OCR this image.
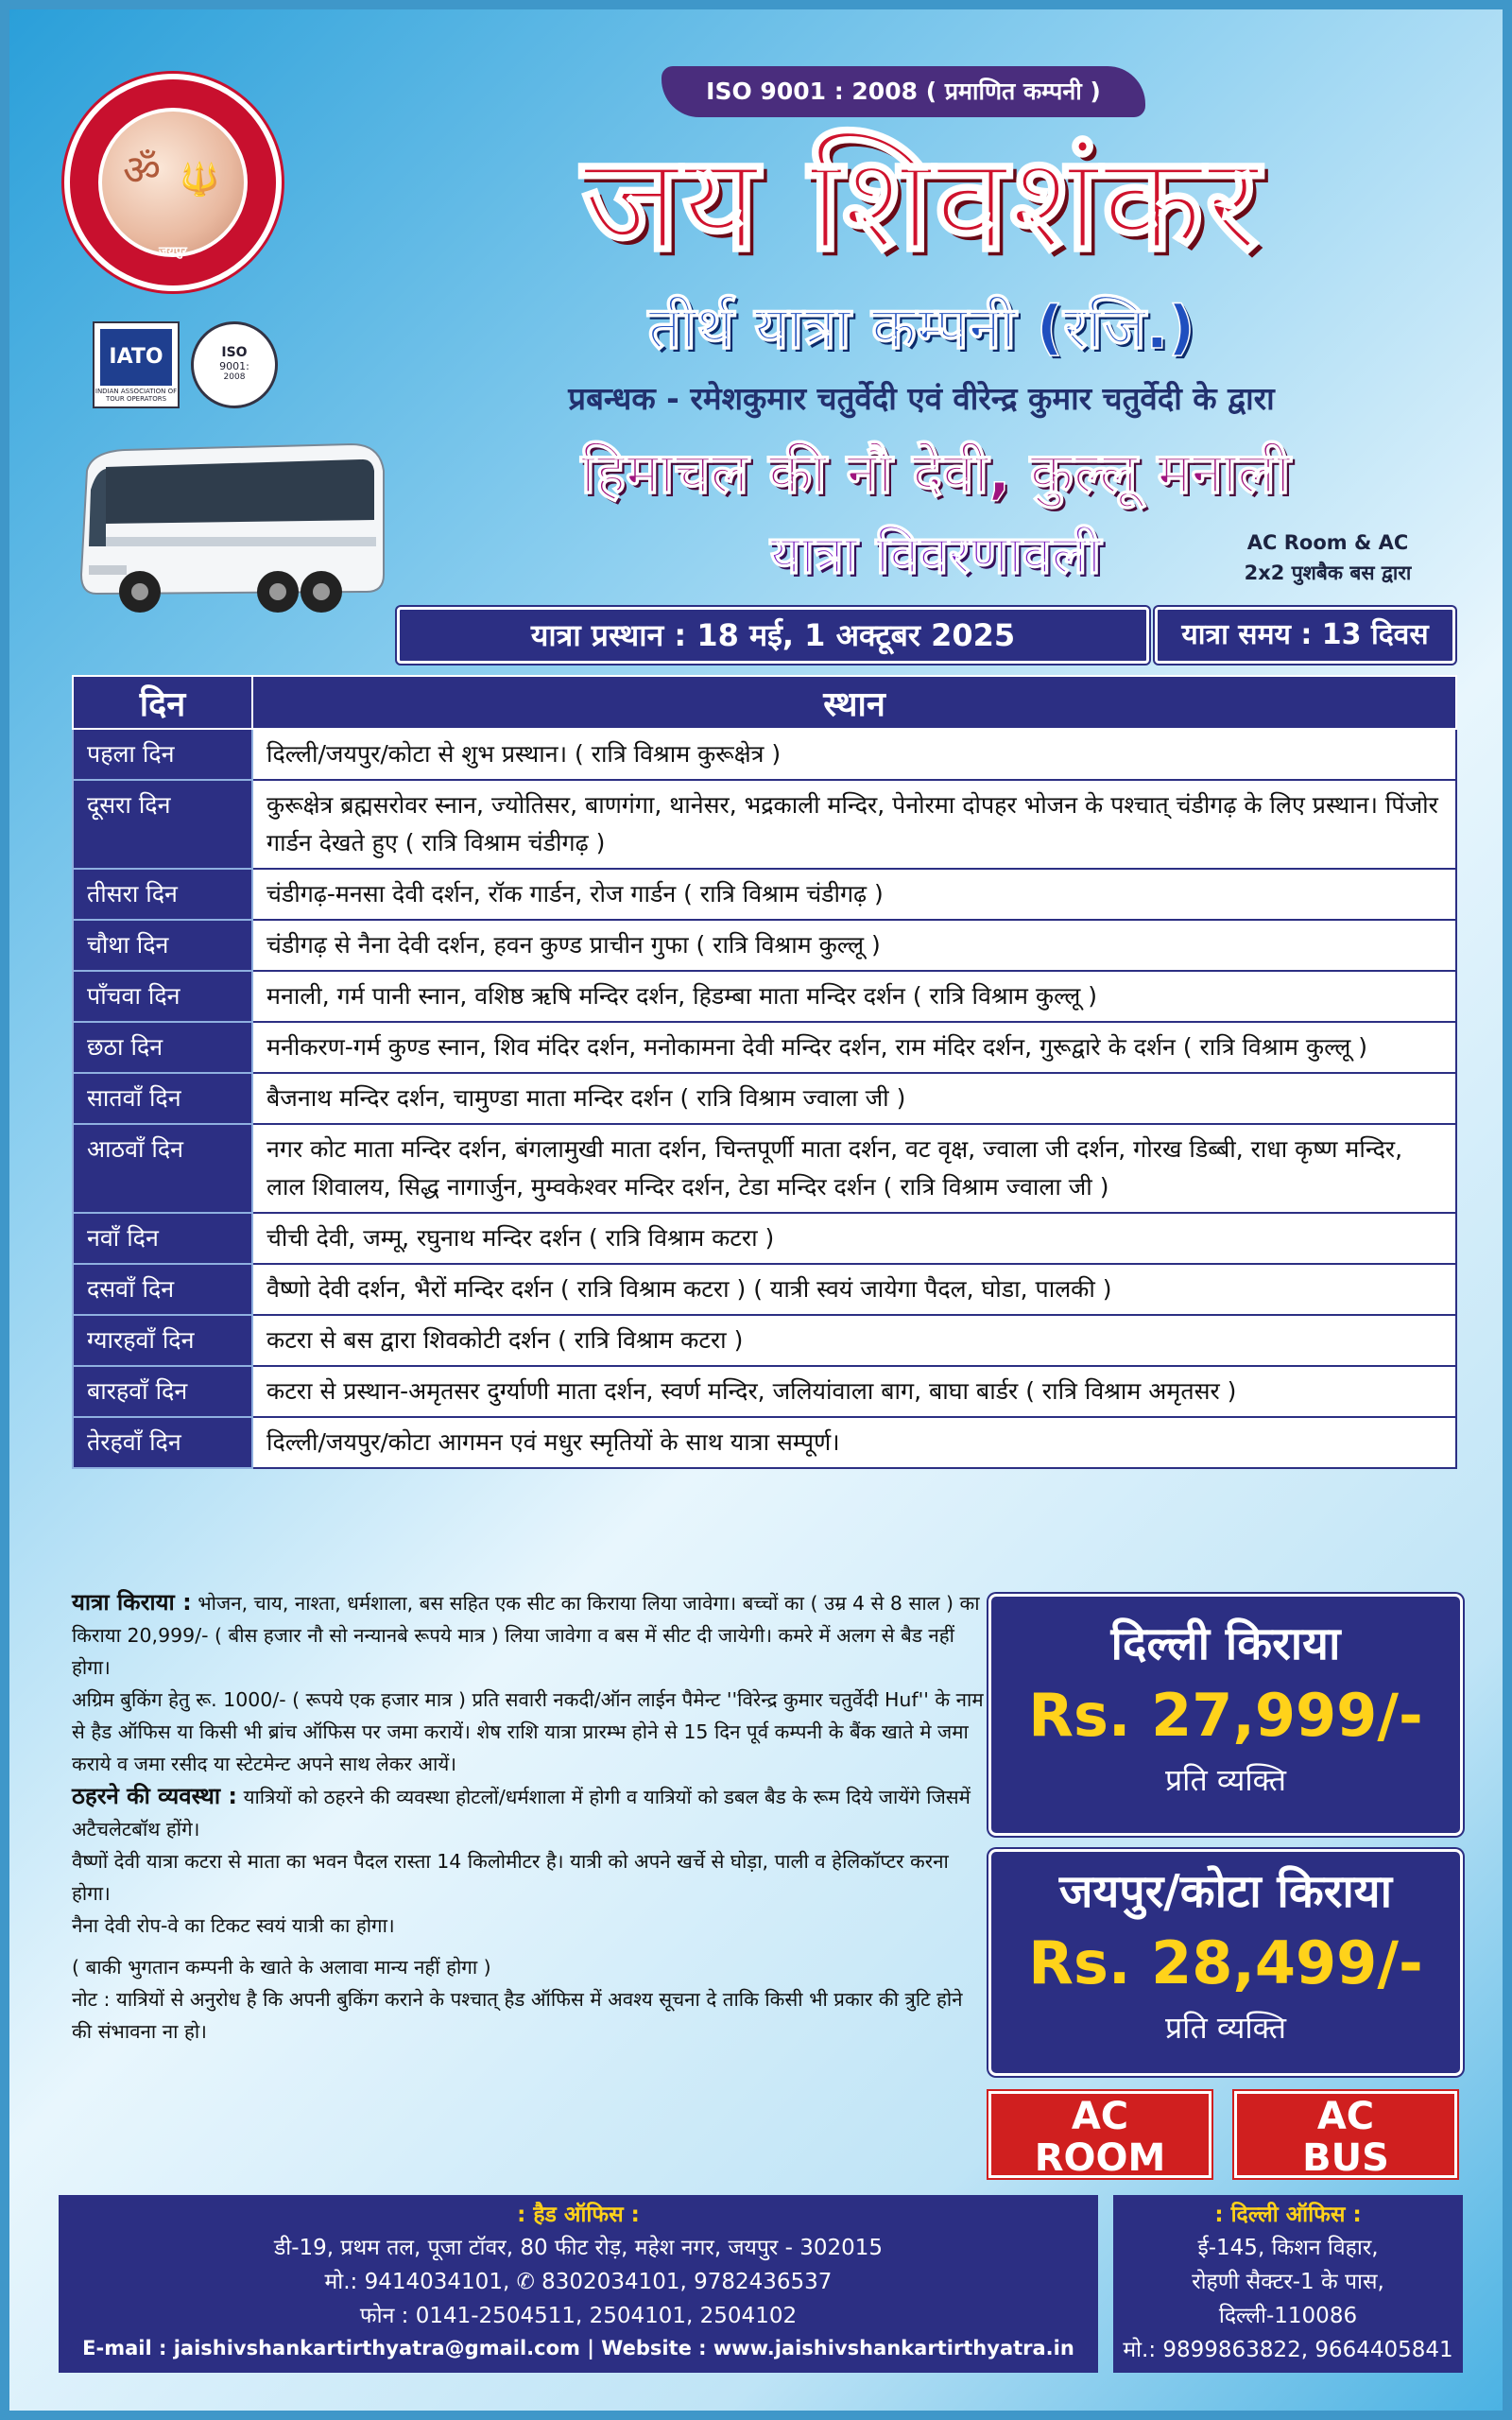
ॐ 🔱
जयपुर
IATO
INDIAN ASSOCIATION OF TOUR OPERATORS
ISO
9001:
2008
ISO 9001 : 2008 ( प्रमाणित कम्पनी )
जय शिवशंकर
तीर्थ यात्रा कम्पनी (रजि.)
प्रबन्धक - रमेशकुमार चतुर्वेदी एवं वीरेन्द्र कुमार चतुर्वेदी के द्वारा
हिमाचल की नौ देवी, कुल्लू मनाली
यात्रा विवरणावली	AC Room & AC
2x2 पुशबैक बस द्वारा
यात्रा प्रस्थान : 18 मई, 1 अक्टूबर 2025	यात्रा समय : 13 दिवस
दिन	स्थान
पहला दिन	दिल्ली/जयपुर/कोटा से शुभ प्रस्थान। ( रात्रि विश्राम कुरूक्षेत्र )
दूसरा दिन	कुरूक्षेत्र ब्रह्मसरोवर स्नान, ज्योतिसर, बाणगंगा, थानेसर, भद्रकाली मन्दिर, पेनोरमा दोपहर भोजन के पश्चात् चंडीगढ़ के लिए प्रस्थान। पिंजोर गार्डन देखते हुए ( रात्रि विश्राम चंडीगढ़ )
तीसरा दिन	चंडीगढ़-मनसा देवी दर्शन, रॉक गार्डन, रोज गार्डन ( रात्रि विश्राम चंडीगढ़ )
चौथा दिन	चंडीगढ़ से नैना देवी दर्शन, हवन कुण्ड प्राचीन गुफा ( रात्रि विश्राम कुल्लू )
पाँचवा दिन	मनाली, गर्म पानी स्नान, वशिष्ठ ऋषि मन्दिर दर्शन, हिडम्बा माता मन्दिर दर्शन ( रात्रि विश्राम कुल्लू )
छठा दिन	मनीकरण-गर्म कुण्ड स्नान, शिव मंदिर दर्शन, मनोकामना देवी मन्दिर दर्शन, राम मंदिर दर्शन, गुरूद्वारे के दर्शन ( रात्रि विश्राम कुल्लू )
सातवाँ दिन	बैजनाथ मन्दिर दर्शन, चामुण्डा माता मन्दिर दर्शन ( रात्रि विश्राम ज्वाला जी )
आठवाँ दिन	नगर कोट माता मन्दिर दर्शन, बंगलामुखी माता दर्शन, चिन्तपूर्णी माता दर्शन, वट वृक्ष, ज्वाला जी दर्शन, गोरख डिब्बी, राधा कृष्ण मन्दिर, लाल शिवालय, सिद्ध नागार्जुन, मुम्वकेश्वर मन्दिर दर्शन, टेडा मन्दिर दर्शन ( रात्रि विश्राम ज्वाला जी )
नवाँ दिन	चीची देवी, जम्मू, रघुनाथ मन्दिर दर्शन ( रात्रि विश्राम कटरा )
दसवाँ दिन	वैष्णो देवी दर्शन, भैरों मन्दिर दर्शन ( रात्रि विश्राम कटरा ) ( यात्री स्वयं जायेगा पैदल, घोडा, पालकी )
ग्यारहवाँ दिन	कटरा से बस द्वारा शिवकोटी दर्शन ( रात्रि विश्राम कटरा )
बारहवाँ दिन	कटरा से प्रस्थान-अमृतसर दुर्ग्याणी माता दर्शन, स्वर्ण मन्दिर, जलियांवाला बाग, बाघा बार्डर ( रात्रि विश्राम अमृतसर )
तेरहवाँ दिन	दिल्ली/जयपुर/कोटा आगमन एवं मधुर स्मृतियों के साथ यात्रा सम्पूर्ण।

यात्रा किराया : भोजन, चाय, नाश्ता, धर्मशाला, बस सहित एक सीट का किराया लिया जावेगा। बच्चों का ( उम्र 4 से 8 साल ) का किराया 20,999/- ( बीस हजार नौ सो नन्यानबे रूपये मात्र ) लिया जावेगा व बस में सीट दी जायेगी। कमरे में अलग से बैड नहीं होगा।

अग्रिम बुकिंग हेतु रू. 1000/- ( रूपये एक हजार मात्र ) प्रति सवारी नकदी/ऑन लाईन पैमेन्ट ''विरेन्द्र कुमार चतुर्वेदी Huf'' के नाम से हैड ऑफिस या किसी भी ब्रांच ऑफिस पर जमा करायें। शेष राशि यात्रा प्रारम्भ होने से 15 दिन पूर्व कम्पनी के बैंक खाते मे जमा कराये व जमा रसीद या स्टेटमेन्ट अपने साथ लेकर आयें।

ठहरने की व्यवस्था : यात्रियों को ठहरने की व्यवस्था होटलों/धर्मशाला में होगी व यात्रियों को डबल बैड के रूम दिये जायेंगे जिसमें अटैचलेटबॉथ होंगे।

वैष्णों देवी यात्रा कटरा से माता का भवन पैदल रास्ता 14 किलोमीटर है। यात्री को अपने खर्चे से घोड़ा, पाली व हेलिकॉप्टर करना होगा।

नैना देवी रोप-वे का टिकट स्वयं यात्री का होगा।

( बाकी भुगतान कम्पनी के खाते के अलावा मान्य नहीं होगा )

नोट : यात्रियों से अनुरोध है कि अपनी बुकिंग कराने के पश्चात् हैड ऑफिस में अवश्य सूचना दे ताकि किसी भी प्रकार की त्रुटि होने की संभावना ना हो।

दिल्ली किराया
Rs. 27,999/-
प्रति व्यक्ति
जयपुर/कोटा किराया
Rs. 28,499/-
प्रति व्यक्ति
AC
ROOM
AC
BUS
: हैड ऑफिस :
डी-19, प्रथम तल, पूजा टॉवर, 80 फीट रोड़, महेश नगर, जयपुर - 302015
मो.: 9414034101, ✆ 8302034101, 9782436537
फोन : 0141-2504511, 2504101, 2504102
E-mail : jaishivshankartirthyatra@gmail.com | Website : www.jaishivshankartirthyatra.in
: दिल्ली ऑफिस :
ई-145, किशन विहार,
रोहणी सैक्टर-1 के पास,
दिल्ली-110086
मो.: 9899863822, 9664405841
